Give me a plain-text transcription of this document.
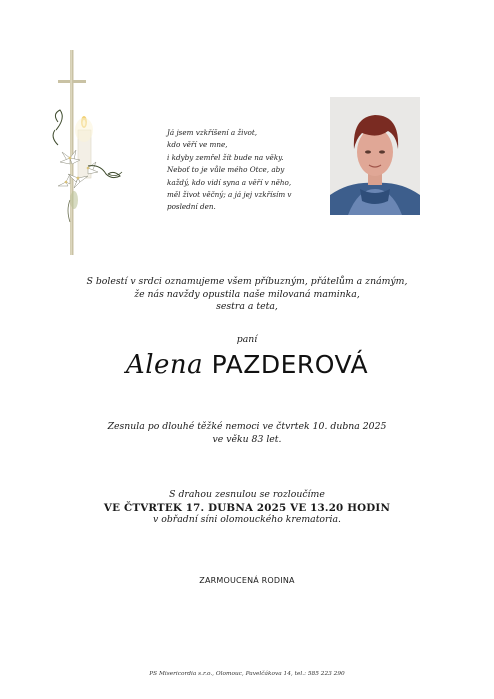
Já jsem vzkříšení a život,
kdo věří ve mne,
i kdyby zemřel žít bude na věky.
Neboť to je vůle mého Otce, aby
každý, kdo vidí syna a věří v něho,
měl život věčný; a já jej vzkřísím v
poslední den.
S bolestí v srdci oznamujeme všem příbuzným, přátelům a známým,
že nás navždy opustila naše milovaná maminka,
sestra a teta,
paní
Alena PAZDEROVÁ
Zesnula po dlouhé těžké nemoci ve čtvrtek 10. dubna 2025
ve věku 83 let.
S drahou zesnulou se rozloučíme
VE ČTVRTEK 17. DUBNA 2025 VE 13.20 HODIN
v obřadní síni olomouckého krematoria.
ZARMOUCENÁ RODINA
PS Misericordia s.r.o., Olomouc, Pavelčákova 14, tel.: 585 223 290
